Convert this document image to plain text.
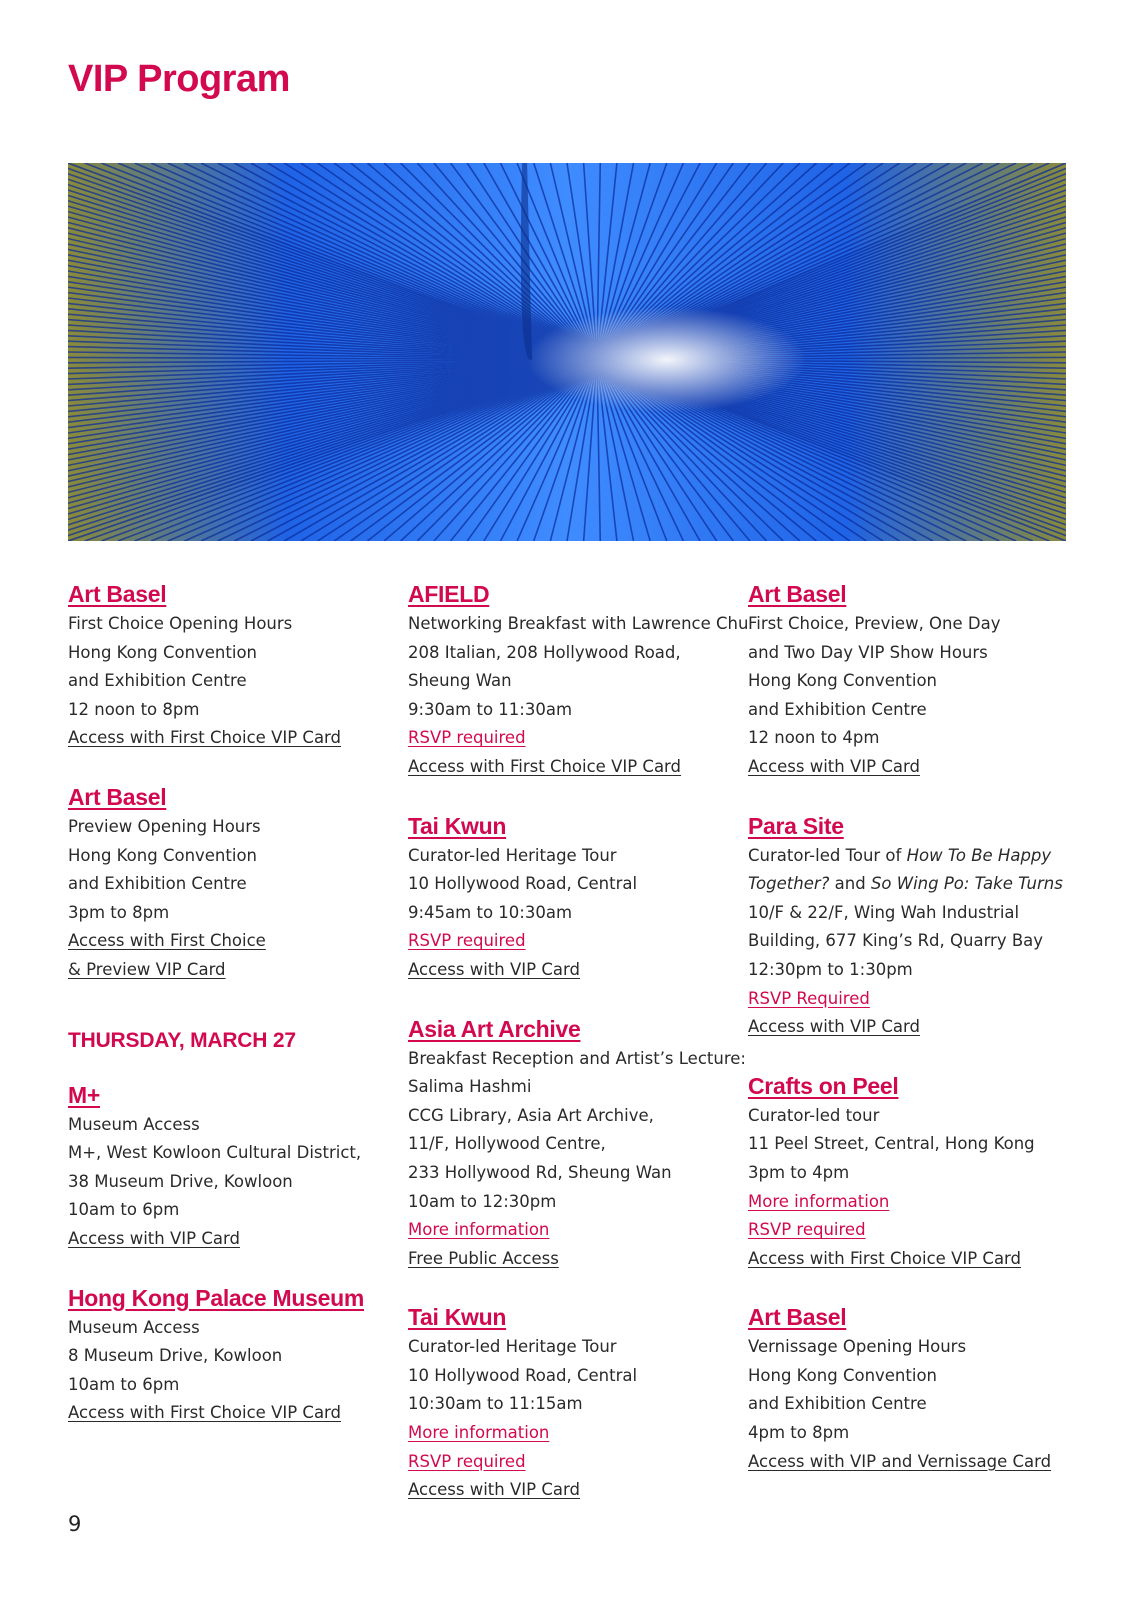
VIP Program
Art Basel
First Choice Opening Hours
Hong Kong Convention
and Exhibition Centre
12 noon to 8pm
Access with First Choice VIP Card
Art Basel
Preview Opening Hours
Hong Kong Convention
and Exhibition Centre
3pm to 8pm
Access with First Choice
& Preview VIP Card
THURSDAY, MARCH 27
M+
Museum Access
M+, West Kowloon Cultural District,
38 Museum Drive, Kowloon
10am to 6pm
Access with VIP Card
Hong Kong Palace Museum
Museum Access
8 Museum Drive, Kowloon
10am to 6pm
Access with First Choice VIP Card
AFIELD
Networking Breakfast with Lawrence Chu
208 Italian, 208 Hollywood Road,
Sheung Wan
9:30am to 11:30am
RSVP required
Access with First Choice VIP Card
Tai Kwun
Curator-led Heritage Tour
10 Hollywood Road, Central
9:45am to 10:30am
RSVP required
Access with VIP Card
Asia Art Archive
Breakfast Reception and Artist’s Lecture:
Salima Hashmi
CCG Library, Asia Art Archive,
11/F, Hollywood Centre,
233 Hollywood Rd, Sheung Wan
10am to 12:30pm
More information
Free Public Access
Tai Kwun
Curator-led Heritage Tour
10 Hollywood Road, Central
10:30am to 11:15am
More information
RSVP required
Access with VIP Card
Art Basel
First Choice, Preview, One Day
and Two Day VIP Show Hours
Hong Kong Convention
and Exhibition Centre
12 noon to 4pm
Access with VIP Card
Para Site
Curator-led Tour of How To Be Happy
Together? and So Wing Po: Take Turns
10/F & 22/F, Wing Wah Industrial
Building, 677 King’s Rd, Quarry Bay
12:30pm to 1:30pm
RSVP Required
Access with VIP Card
Crafts on Peel
Curator-led tour
11 Peel Street, Central, Hong Kong
3pm to 4pm
More information
RSVP required
Access with First Choice VIP Card
Art Basel
Vernissage Opening Hours
Hong Kong Convention
and Exhibition Centre
4pm to 8pm
Access with VIP and Vernissage Card
9
